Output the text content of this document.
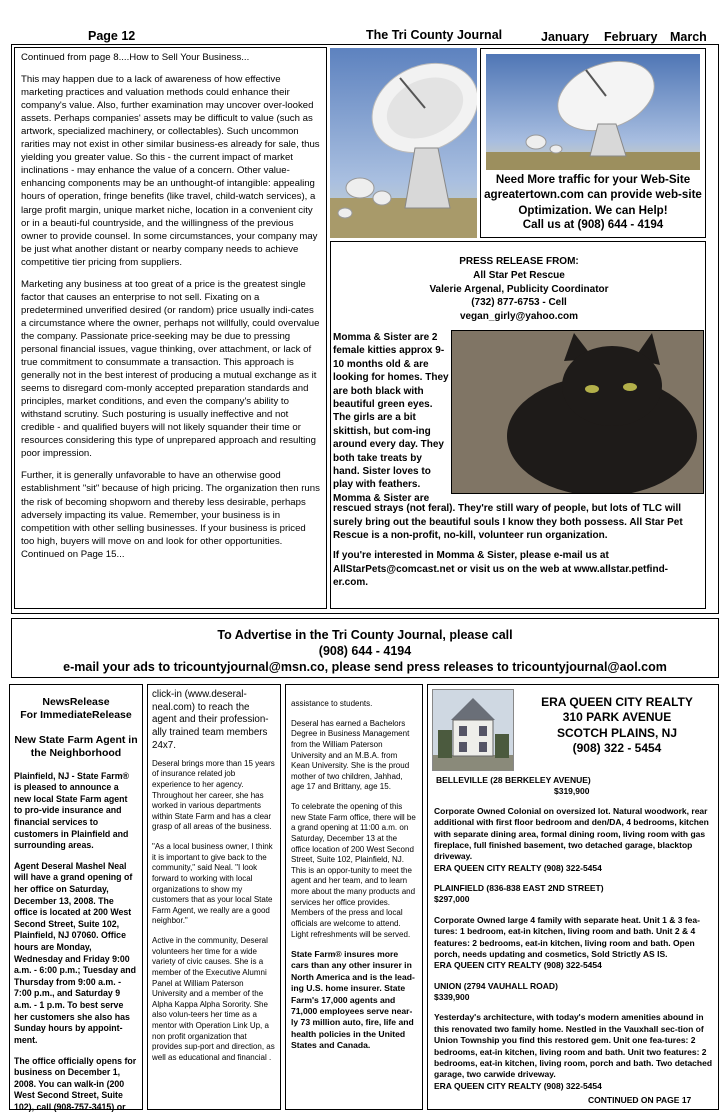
Page 12	The Tri County Journal	January February March

Continued from page 8....How to Sell Your Business...

This may happen due to a lack of awareness of how effective marketing practices and valuation methods could enhance their company's value. Also, further examination may uncover over-looked assets. Perhaps companies' assets may be difficult to value (such as artwork, specialized machinery, or collectables). Such uncommon rarities may not exist in other similar business-es already for sale, thus yielding you greater value. So this - the current impact of market inclinations - may enhance the value of a concern. Other value-enhancing components may be an unthought-of intangible: appealing hours of operation, fringe benefits (like travel, child-watch services), a large profit margin, unique market niche, location in a convenient city or in a beauti-ful countryside, and the willingness of the previous owner to provide counsel. In some circumstances, your company may be just what another distant or nearby company needs to achieve competitive tier pricing from suppliers.

Marketing any business at too great of a price is the greatest single factor that causes an enterprise to not sell. Fixating on a predetermined unverified desired (or random) price usually indi-cates a circumstance where the owner, perhaps not willfully, could overvalue the company. Passionate price-seeking may be due to pressing personal financial issues, vague thinking, over attachment, or lack of true commitment to consummate a transaction. This approach is generally not in the best interest of producing a mutual exchange as it seems to disregard com-monly accepted preparation standards and principles, market conditions, and even the company's ability to withstand scrutiny. Such posturing is usually ineffective and not credible - and qualified buyers will not likely squander their time or resources considering this type of unprepared approach and resulting poor impression.

Further, it is generally unfavorable to have an otherwise good establishment "sit" because of high pricing. The organization then runs the risk of becoming shopworn and thereby less desirable, perhaps adversely impacting its value. Remember, your business is in competition with other selling businesses. If your business is priced too high, buyers will move on and look for other opportunities.

Continued on Page 15...

Need More traffic for your Web-Site agreatertown.com can provide web-site Optimization. We can Help!
Call us at (908) 644 - 4194
PRESS RELEASE FROM:
All Star Pet Rescue
Valerie Argenal, Publicity Coordinator
(732) 877-6753 - Cell
vegan_girly@yahoo.com
Momma & Sister are 2 female kitties approx 9-10 months old & are looking for homes. They are both black with beautiful green eyes. The girls are a bit skittish, but com-ing around every day. They both take treats by hand. Sister loves to play with feathers. Momma & Sister are
rescued strays (not feral). They're still wary of people, but lots of TLC will surely bring out the beautiful souls I know they both possess. All Star Pet Rescue is a non-profit, no-kill, volunteer run organization.
If you're interested in Momma & Sister, please e-mail us at AllStarPets@comcast.net or visit us on the web at www.allstar.petfind-er.com.
To Advertise in the Tri County Journal, please call
(908) 644 - 4194
e-mail your ads to tricountyjournal@msn.co, please send press releases to tricountyjournal@aol.com
NewsRelease
For ImmediateRelease
New State Farm Agent in the Neighborhood

Plainfield, NJ - State Farm® is pleased to announce a new local State Farm agent to pro-vide insurance and financial services to customers in Plainfield and surrounding areas.

Agent Deseral Mashel Neal will have a grand opening of her office on Saturday, December 13, 2008. The office is located at 200 West Second Street, Suite 102, Plainfield, NJ 07060. Office hours are Monday, Wednesday and Friday 9:00 a.m. - 6:00 p.m.; Tuesday and Thursday from 9:00 a.m. - 7:00 p.m., and Saturday 9 a.m. - 1 p.m. To best serve her customers she also has Sunday hours by appoint-ment.

The office officially opens for business on December 1, 2008. You can walk-in (200 West Second Street, Suite 102), call (908-757-3415) or

click-in (www.deseral-neal.com) to reach the agent and their profession-ally trained team members 24x7.

Deseral brings more than 15 years of insurance related job experience to her agency. Throughout her career, she has worked in various departments within State Farm and has a clear grasp of all areas of the business.

"As a local business owner, I think it is important to give back to the community," said Neal. "I look forward to working with local organizations to show my customers that as your local State Farm Agent, we really are a good neighbor."

Active in the community, Deseral volunteers her time for a wide variety of civic causes. She is a member of the Executive Alumni Panel at William Paterson University and a member of the Alpha Kappa Alpha Sorority. She also volun-teers her time as a mentor with Operation Link Up, a non profit organization that provides sup-port and direction, as well as educational and financial .

assistance to students.

Deseral has earned a Bachelors Degree in Business Management from the William Paterson University and an M.B.A. from Kean University. She is the proud mother of two children, Jahhad, age 17 and Brittany, age 15.

To celebrate the opening of this new State Farm office, there will be a grand opening at 11:00 a.m. on Saturday, December 13 at the office location of 200 West Second Street, Suite 102, Plainfield, NJ. This is an oppor-tunity to meet the agent and her team, and to learn more about the many products and services her office provides. Members of the press and local officials are welcome to attend. Light refreshments will be served.

State Farm® insures more cars than any other insurer in North America and is the lead-ing U.S. home insurer. State Farm's 17,000 agents and 71,000 employees serve near-ly 73 million auto, fire, life and health policies in the United States and Canada.
ERA QUEEN CITY REALTY
310 PARK AVENUE
SCOTCH PLAINS, NJ
(908) 322 - 5454
BELLEVILLE (28 BERKELEY AVENUE)
$319,900
Corporate Owned Colonial on oversized lot. Natural woodwork, rear additional with first floor bedroom and den/DA, 4 bedrooms, kitchen with separate dining area, formal dining room, living room with gas fireplace, full finished basement, two detached garage, blacktop driveway.
ERA QUEEN CITY REALTY (908) 322-5454
PLAINFIELD (836-838 EAST 2ND STREET)
$297,000
Corporate Owned large 4 family with separate heat. Unit 1 & 3 fea-tures: 1 bedroom, eat-in kitchen, living room and bath. Unit 2 & 4 features: 2 bedrooms, eat-in kitchen, living room and bath. Open porch, needs updating and cosmetics, Sold Strictly AS IS.
ERA QUEEN CITY REALTY (908) 322-5454
UNION (2794 VAUHALL ROAD)
$339,900
Yesterday's architecture, with today's modern amenities abound in this renovated two family home. Nestled in the Vauxhall sec-tion of Union Township you find this restored gem. Unit one fea-tures: 2 bedrooms, eat-in kitchen, living room and bath. Unit two features: 2 bedrooms, eat-in kitchen, living room, porch and bath. Two detached garage, two carwide driveway.
ERA QUEEN CITY REALTY (908) 322-5454
CONTINUED ON PAGE 17
